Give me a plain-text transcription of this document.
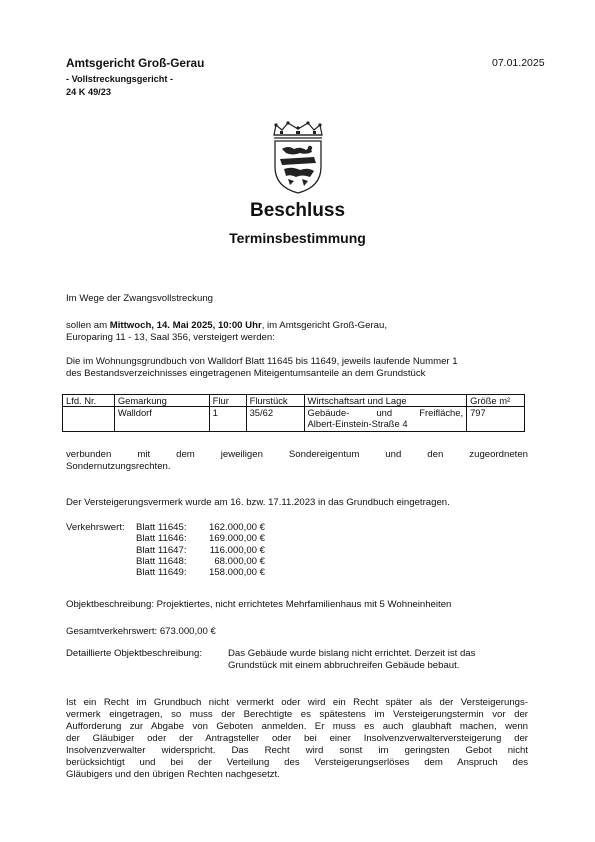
Amtsgericht Groß-Gerau
- Vollstreckungsgericht -
24 K 49/23
07.01.2025
Beschluss
Terminsbestimmung
Im Wege der Zwangsvollstreckung
sollen am Mittwoch, 14. Mai 2025, 10:00 Uhr, im Amtsgericht Groß-Gerau,
Europaring 11 - 13, Saal 356, versteigert werden:
Die im Wohnungsgrundbuch von Walldorf Blatt 11645 bis 11649, jeweils laufende Nummer 1
des Bestandsverzeichnisses eingetragenen Miteigentumsanteile an dem Grundstück
Lfd. Nr.	Gemarkung	Flur	Flurstück	Wirtschaftsart und Lage	Größe m²
	Walldorf	1	35/62	Gebäude- und Freifläche,
Albert-Einstein-Straße 4	797
verbunden mit dem jeweiligen Sondereigentum und den zugeordneten
Sondernutzungsrechten.
Der Versteigerungsvermerk wurde am 16. bzw. 17.11.2023 in das Grundbuch eingetragen.
Verkehrswert: Blatt 11645:	162.000,00 €
Blatt 11646:	169.000,00 €
Blatt 11647:	116.000,00 €
Blatt 11648:	68.000,00 €
Blatt 11649:	158.000,00 €
Objektbeschreibung: Projektiertes, nicht errichtetes Mehrfamilienhaus mit 5 Wohneinheiten
Gesamtverkehrswert: 673.000,00 €
Detaillierte Objektbeschreibung:	Das Gebäude wurde bislang nicht errichtet. Derzeit ist das
Grundstück mit einem abbruchreifen Gebäude bebaut.
Ist ein Recht im Grundbuch nicht vermerkt oder wird ein Recht später als der Versteigerungs-
vermerk eingetragen, so muss der Berechtigte es spätestens im Versteigerungstermin vor der
Aufforderung zur Abgabe von Geboten anmelden. Er muss es auch glaubhaft machen, wenn
der Gläubiger oder der Antragsteller oder bei einer Insolvenzverwalterversteigerung der
Insolvenzverwalter widerspricht. Das Recht wird sonst im geringsten Gebot nicht
berücksichtigt und bei der Verteilung des Versteigerungserlöses dem Anspruch des
Gläubigers und den übrigen Rechten nachgesetzt.
